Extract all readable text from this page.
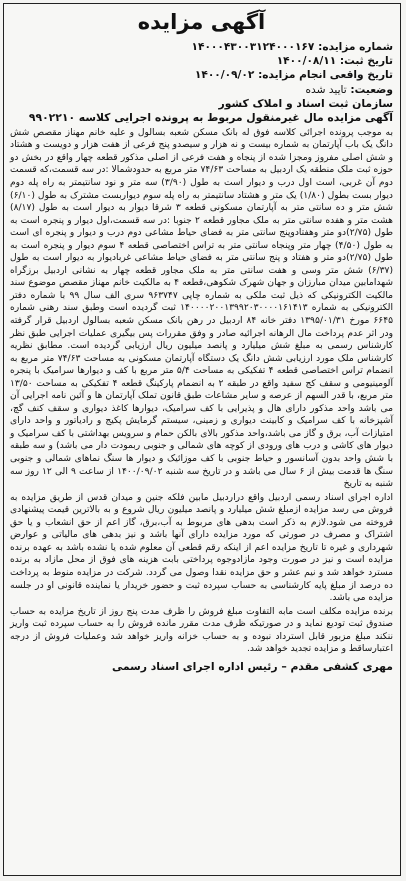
آگهی مزایده
شماره مزایده: ۱۴۰۰۰۴۳۰۰۳۱۲۴۰۰۰۱۶۷
تاریخ ثبت: ۱۴۰۰/۰۸/۱۱
تاریخ واقعی انجام مزایده: ۱۴۰۰/۰۹/۰۲
وضعیت: تایید شده
سازمان ثبت اسناد و املاک کشور
آگهی مزایده مال غیرمنقول مربوط به پرونده اجرایی کلاسه ۹۹۰۲۲۱۰

به موجب پرونده اجرائی کلاسه فوق له بانک مسکن شعبه بسالول و علیه خانم مهناز مقصص شش دانگ یک باب آپارتمان به شماره بیست و نه هزار و سیصدو پنج فرعی از هفت هزار و دویست و هشتاد و شش اصلی مفروز ومجزا شده از پنجاه و هفت فرعی از اصلی مذکور قطعه چهار واقع در بخش دو حوزه ثبت ملک منطقه یک اردبیل به مساحت ۷۴/۶۳ متر مربع به حدودشمالا :در سه قسمت،که قسمت دوم آن غربی، است اول درب و دیوار است به طول (۳/۹۰) سه متر و نود سانتیمتر به راه پله دوم دیوار بست بطول (۱/۸۰) یک متر و هشتاد سانتیمتر به راه پله سوم دیواربست مشترک به طول (۶/۱۰) شش متر و ده سانتی متر به آپارتمان مسکونی قطعه ۳ شرقا دیوار به دیوار است به طول (۸/۱۷) هشت متر و هفده سانتی متر به ملک مجاور قطعه ۲ جنوبا :در سه قسمت،اول دیوار و پنجره است به طول (۲/۷۵)دو متر وهفتادوپنج سانتی متر به فضای حیاط مشاعی دوم درب و دیوار و پنجره ای است به طول (۴/۵۰) چهار متر وپنجاه سانتی متر به تراس اختصاصی قطعه ۴ سوم دیوار و پنجره است به طول (۲/۷۵)دو متر و هفتاد و پنج سانتی متر به فضای حیاط مشاعی غربادیوار به دیوار است به طول (۶/۳۷) شش متر وسی و هفت سانتی متر به ملک مجاور قطعه چهار به نشانی اردبیل برزگراه شهدامابین میدان مبارزان و جهان شهرک شکوهی،قطعه ۴ به مالکیت خانم مهناز مقصص موضوع سند مالکیت الکترونیکی که ذیل ثبت ملکی به شماره چاپی ۹۶۳۷۴۷ سری الف سال ۹۹ با شماره دفتر الکترونیکی به شماره ۱۴۰۰۰۰۲۰۰۱۳۹۹۲۰۳۰۰۰۰۱۶۱۴۱۳ ثبت گردیده است وطبق سند رهنی شماره ۶۶۴۵ مورخ ۱۳۹۵/۰۱/۳۱ دفتر خانه ۸۴ اردبیل در رهن بانک مسکن شعبه بسالول اردبیل قرار گرفته ودر اثر عدم پرداخت مال الرهانه اجرائیه صادر و وفق مقررات پس بیگیری عملیات اجرایی طبق نظر کارشناس رسمی به مبلغ شش میلیارد و پانصد میلیون ریال ارزیابی گردیده است. مطابق نظریه کارشناس ملک مورد ارزیابی شش دانگ یک دستگاه آپارتمان مسکونی به مساحت ۷۴/۶۳ متر مربع به انضمام تراس اختصاصی قطعه ۴ تفکیکی به مساحت ۵/۴ متر مربع با کف و دیوارها سرامیک با پنجره آلومینیومی و سقف کج سفید واقع در طبقه ۲ به انضمام پارکینگ قطعه ۴ تفکیکی به مساحت ۱۳/۵۰ متر مربع، با قدر السهم از عرصه و سایر مشاعات طبق قانون تملک آپارتمان ها و آئین نامه اجرایی آن می باشد واحد مذکور دارای هال و پذیرایی با کف سرامیک، دیوارها کاغذ دیواری و سقف کنف گچ، آشپزخانه با کف سرامیک و کابینت دیواری و زمینی، سیستم گرمایش پکیج و رادیاتور و واحد دارای امتیازات آب، برق و گاز می باشد،واحد مذکور بالای بالکن حمام و سرویس بهداشتی با کف سرامیک و دیوار های کاشی و درب های ورودی از کوچه های شمالی و جنوبی ربمودت دار می باشد) و سه طبقه با شش واحد بدون آسانسور و حیاط جنوبی با کف موزائیک و دیوار ها سنگ نماهای شمالی و جنوبی سنگ ها قدمت بیش از ۶ سال می باشد و در تاریخ سه شنبه ۱۴۰۰/۰۹/۰۲ از ساعت ۹ الی ۱۲ روز سه شنبه به تاریخ

اداره اجرای اسناد رسمی اردبیل واقع دراردبیل مابین فلکه جنین و میدان قدس از طریق مزایده به فروش می رسد مزایده ازمبلغ شش میلیارد و پانصد میلیون ریال شروع و به بالاترین قیمت پیشنهادی فروخته می شود.لازم به ذکر است بدهی های مربوط به آب،برق، گاز اعم از حق انشعاب و یا حق اشتراک و مصرف در صورتی که مورد مزایده دارای آنها باشد و نیز بدهی های مالیاتی و عوارض شهرداری و غیره تا تاریخ مزایده اعم از اینکه رقم قطعی آن معلوم شده یا نشده باشد به عهده برنده مزایده است و نیز در صورت وجود مازادوجوه پرداختی بابت هزینه های فوق از محل مازاد به برنده مسترد خواهد شد و نیم عشر و حق مزایده نقدا وصول می گردد. شرکت در مزایده منوط به پرداخت ده درصد از مبلغ پایه کارشناسی به حساب سپرده ثبت و حضور خریدار یا نماینده قانونی او در جلسه مزایده می باشد.

برنده مزایده مکلف است مابه التفاوت مبلغ فروش را ظرف مدت پنج روز از تاریخ مزایده به حساب صندوق ثبت تودیع نماید و در صورتیکه ظرف مدت مقرر مانده فروش را به حساب سپرده ثبت واریز ننکند مبلغ مزبور قابل استرداد نبوده و به حساب خزانه واریز خواهد شد وعملیات فروش از درجه اعتبارساقط و مزایده تجدید خواهد شد.

مهری کشفی مقدم – رئیس اداره اجرای اسناد رسمی
